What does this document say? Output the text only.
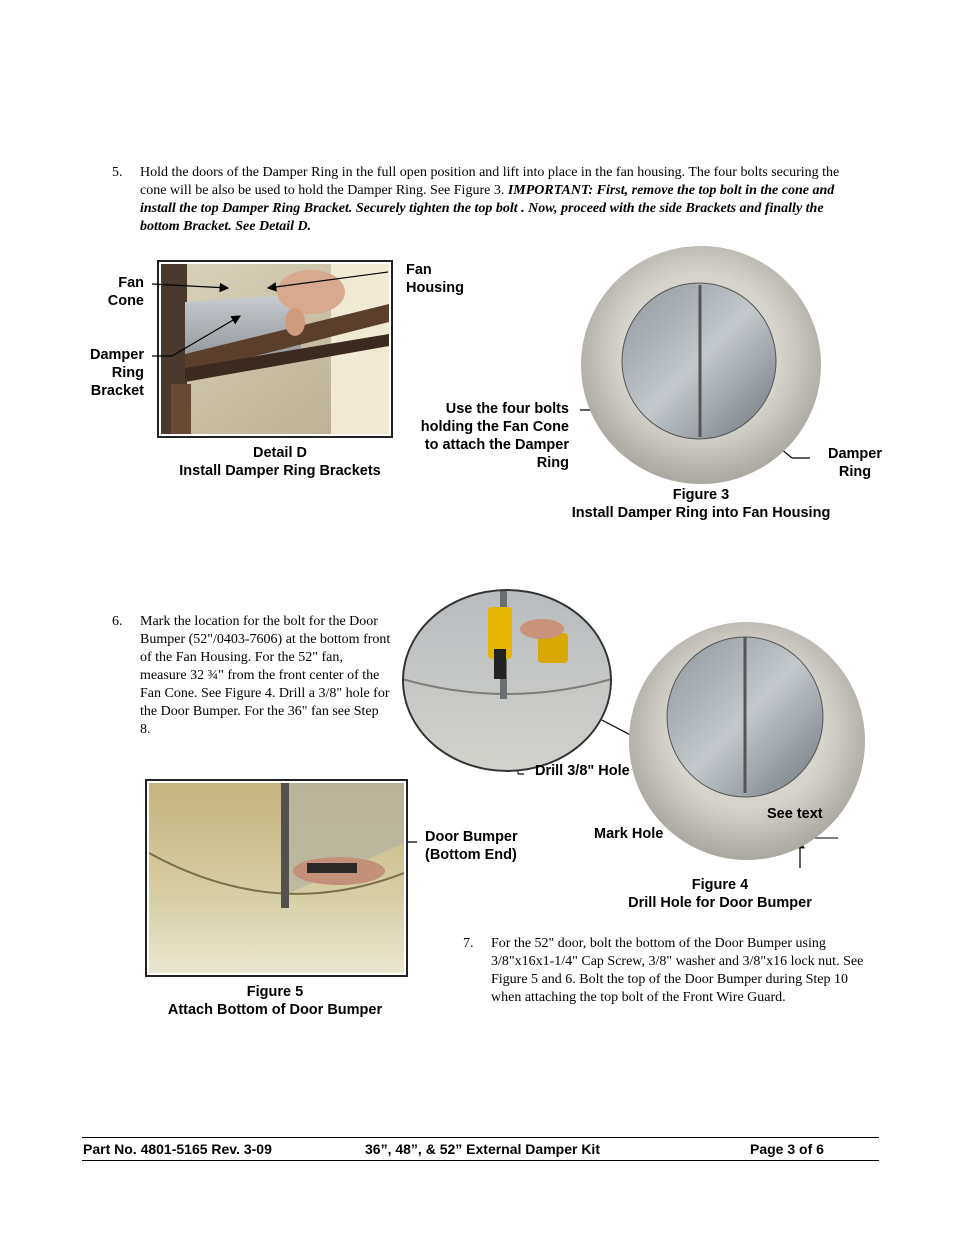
5. Hold the doors of the Damper Ring in the full open position and lift into place in the fan housing. The four bolts securing the cone will be also be used to hold the Damper Ring. See Figure 3. IMPORTANT: First, remove the top bolt in the cone and install the top Damper Ring Bracket. Securely tighten the top bolt . Now, proceed with the side Brackets and finally the bottom Bracket. See Detail D.
Fan Cone
Damper Ring Bracket
Fan Housing
Detail D
Install Damper Ring Brackets
Use the four bolts holding the Fan Cone to attach the Damper Ring
Damper Ring
Figure 3
Install Damper Ring into Fan Housing
6. Mark the location for the bolt for the Door Bumper (52"/0403-7606) at the bottom front of the Fan Housing. For the 52" fan, measure 32 ¾" from the front center of the Fan Cone. See Figure 4. Drill a 3/8" hole for the Door Bumper. For the 36" fan see Step 8.
Drill 3/8" Hole
See text
Mark Hole
Figure 4
Drill Hole for Door Bumper
Door Bumper (Bottom End)
Figure 5
Attach Bottom of Door Bumper
7. For the 52" door, bolt the bottom of the Door Bumper using 3/8"x16x1-1/4" Cap Screw, 3/8" washer and 3/8"x16 lock nut. See Figure 5 and 6. Bolt the top of the Door Bumper during Step 10 when attaching the top bolt of the Front Wire Guard.
Part No. 4801-5165 Rev. 3-09	36”, 48”, & 52” External Damper Kit	Page 3 of 6
